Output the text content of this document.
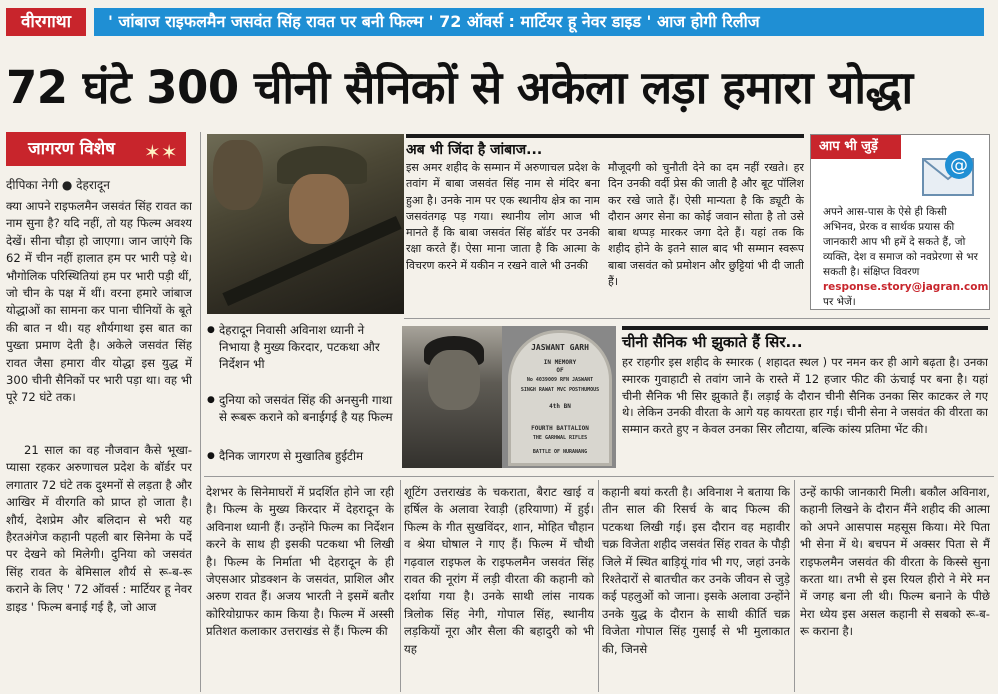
वीरगाथा	' जांबाज राइफलमैन जसवंत सिंह रावत पर बनी फिल्म ' 72 ऑवर्स : मार्टियर हू नेवर डाइड ' आज होगी रिलीज
72 घंटे 300 चीनी सैनिकों से अकेला लड़ा हमारा योद्धा
जागरण विशेष ✶✶
दीपिका नेगी ● देहरादून
क्या आपने राइफलमैन जसवंत सिंह रावत का नाम सुना है? यदि नहीं, तो यह फिल्म अवश्य देखें। सीना चौड़ा हो जाएगा। जान जाएंगे कि 62 में चीन नहीं हालात हम पर भारी पड़े थे। भौगोलिक परिस्थितियां हम पर भारी पड़ी थीं, जो चीन के पक्ष में थीं। वरना हमारे जांबाज योद्धाओं का सामना कर पाना चीनियों के बूते की बात न थी। यह शौर्यगाथा इस बात का पुख्ता प्रमाण देती है। अकेले जसवंत सिंह रावत जैसा हमारा वीर योद्धा इस युद्ध में 300 चीनी सैनिकों पर भारी पड़ा था। वह भी पूरे 72 घंटे तक।
21 साल का वह नौजवान कैसे भूखा-प्यासा रहकर अरुणाचल प्रदेश के बॉर्डर पर लगातार 72 घंटे तक दुश्मनों से लड़ता है और आखिर में वीरगति को प्राप्त हो जाता है। शौर्य, देशप्रेम और बलिदान से भरी यह हैरतअंगेज कहानी पहली बार सिनेमा के पर्दे पर देखने को मिलेगी। दुनिया को जसवंत सिंह रावत के बेमिसाल शौर्य से रू-ब-रू कराने के लिए ' 72 ऑवर्स : मार्टियर हू नेवर डाइड ' फिल्म बनाई गई है, जो आज
अब भी जिंदा है जांबाज...
इस अमर शहीद के सम्मान में अरुणाचल प्रदेश के तवांग में बाबा जसवंत सिंह नाम से मंदिर बना हुआ है। उनके नाम पर एक स्थानीय क्षेत्र का नाम जसवंतगढ़ पड़ गया। स्थानीय लोग आज भी मानते हैं कि बाबा जसवंत सिंह बॉर्डर पर उनकी रक्षा करते हैं। ऐसा माना जाता है कि आत्मा के विचरण करने में यकीन न रखने वाले भी उनकी
मौजूदगी को चुनौती देने का दम नहीं रखते। हर दिन उनकी वर्दी प्रेस की जाती है और बूट पॉलिश कर रखे जाते हैं। ऐसी मान्यता है कि ड्यूटी के दौरान अगर सेना का कोई जवान सोता है तो उसे बाबा थप्पड़ मारकर जगा देते हैं। यहां तक कि शहीद होने के इतने साल बाद भी सम्मान स्वरूप बाबा जसवंत को प्रमोशन और छुट्टियां भी दी जाती हैं।
आप भी जुड़ें
@
अपने आस-पास के ऐसे ही किसी अभिनव, प्रेरक व सार्थक प्रयास की जानकारी आप भी हमें दे सकते हैं, जो व्यक्ति, देश व समाज को नवप्रेरणा से भर सकती है। संक्षिप्त विवरण response.story@jagran.com पर भेजें।
● देहरादून निवासी अविनाश ध्यानी ने निभाया है मुख्य किरदार, पटकथा और निर्देशन भी
● दुनिया को जसवंत सिंह की अनसुनी गाथा से रूबरू कराने को बनाईगई है यह फिल्म
● दैनिक जागरण से मुखातिब हुईटीम
JASWANT GARH
IN MEMORY
OF
No 4039009 RFN JASWANT
SINGH RAWAT MVC POSTHUMOUS
4th BN
FOURTH BATTALION
THE GARHWAL RIFLES
BATTLE OF NURANANG
चीनी सैनिक भी झुकाते हैं सिर...
हर राहगीर इस शहीद के स्मारक ( शहादत स्थल ) पर नमन कर ही आगे बढ़ता है। उनका स्मारक गुवाहाटी से तवांग जाने के रास्ते में 12 हजार फीट की ऊंचाई पर बना है। यहां चीनी सैनिक भी सिर झुकाते हैं। लड़ाई के दौरान चीनी सैनिक उनका सिर काटकर ले गए थे। लेकिन उनकी वीरता के आगे यह कायरता हार गई। चीनी सेना ने जसवंत की वीरता का सम्मान करते हुए न केवल उनका सिर लौटाया, बल्कि कांस्य प्रतिमा भेंट की।
देशभर के सिनेमाघरों में प्रदर्शित होने जा रही है। फिल्म के मुख्य किरदार में देहरादून के अविनाश ध्यानी हैं। उन्होंने फिल्म का निर्देशन करने के साथ ही इसकी पटकथा भी लिखी है। फिल्म के निर्माता भी देहरादून के ही जेएसआर प्रोडक्शन के जसवंत, प्राशिल और अरुण रावत हैं। अजय भारती ने इसमें बतौर कोरियोग्राफर काम किया है। फिल्म में अस्सी प्रतिशत कलाकार उत्तराखंड से हैं। फिल्म की
शूटिंग उत्तराखंड के चकराता, बैराट खाई व हर्षिल के अलावा रेवाड़ी (हरियाणा) में हुई। फिल्म के गीत सुखविंदर, शान, मोहित चौहान व श्रेया घोषाल ने गाए हैं। फिल्म में चौथी गढ़वाल राइफल के राइफलमैन जसवंत सिंह रावत की नूरांग में लड़ी वीरता की कहानी को दर्शाया गया है। उनके साथी लांस नायक त्रिलोक सिंह नेगी, गोपाल सिंह, स्थानीय लड़कियों नूरा और सैला की बहादुरी को भी यह
कहानी बयां करती है। अविनाश ने बताया कि तीन साल की रिसर्च के बाद फिल्म की पटकथा लिखी गई। इस दौरान वह महावीर चक्र विजेता शहीद जसवंत सिंह रावत के पौड़ी जिले में स्थित बाड़ियूं गांव भी गए, जहां उनके रिश्तेदारों से बातचीत कर उनके जीवन से जुड़े कई पहलुओं को जाना। इसके अलावा उन्होंने उनके युद्ध के दौरान के साथी कीर्ति चक्र विजेता गोपाल सिंह गुसाईं से भी मुलाकात की, जिनसे
उन्हें काफी जानकारी मिली। बकौल अविनाश, कहानी लिखने के दौरान मैंने शहीद की आत्मा को अपने आसपास महसूस किया। मेरे पिता भी सेना में थे। बचपन में अक्सर पिता से मैं राइफलमैन जसवंत की वीरता के किस्से सुना करता था। तभी से इस रियल हीरो ने मेरे मन में जगह बना ली थी। फिल्म बनाने के पीछे मेरा ध्येय इस असल कहानी से सबको रू-ब-रू कराना है।
